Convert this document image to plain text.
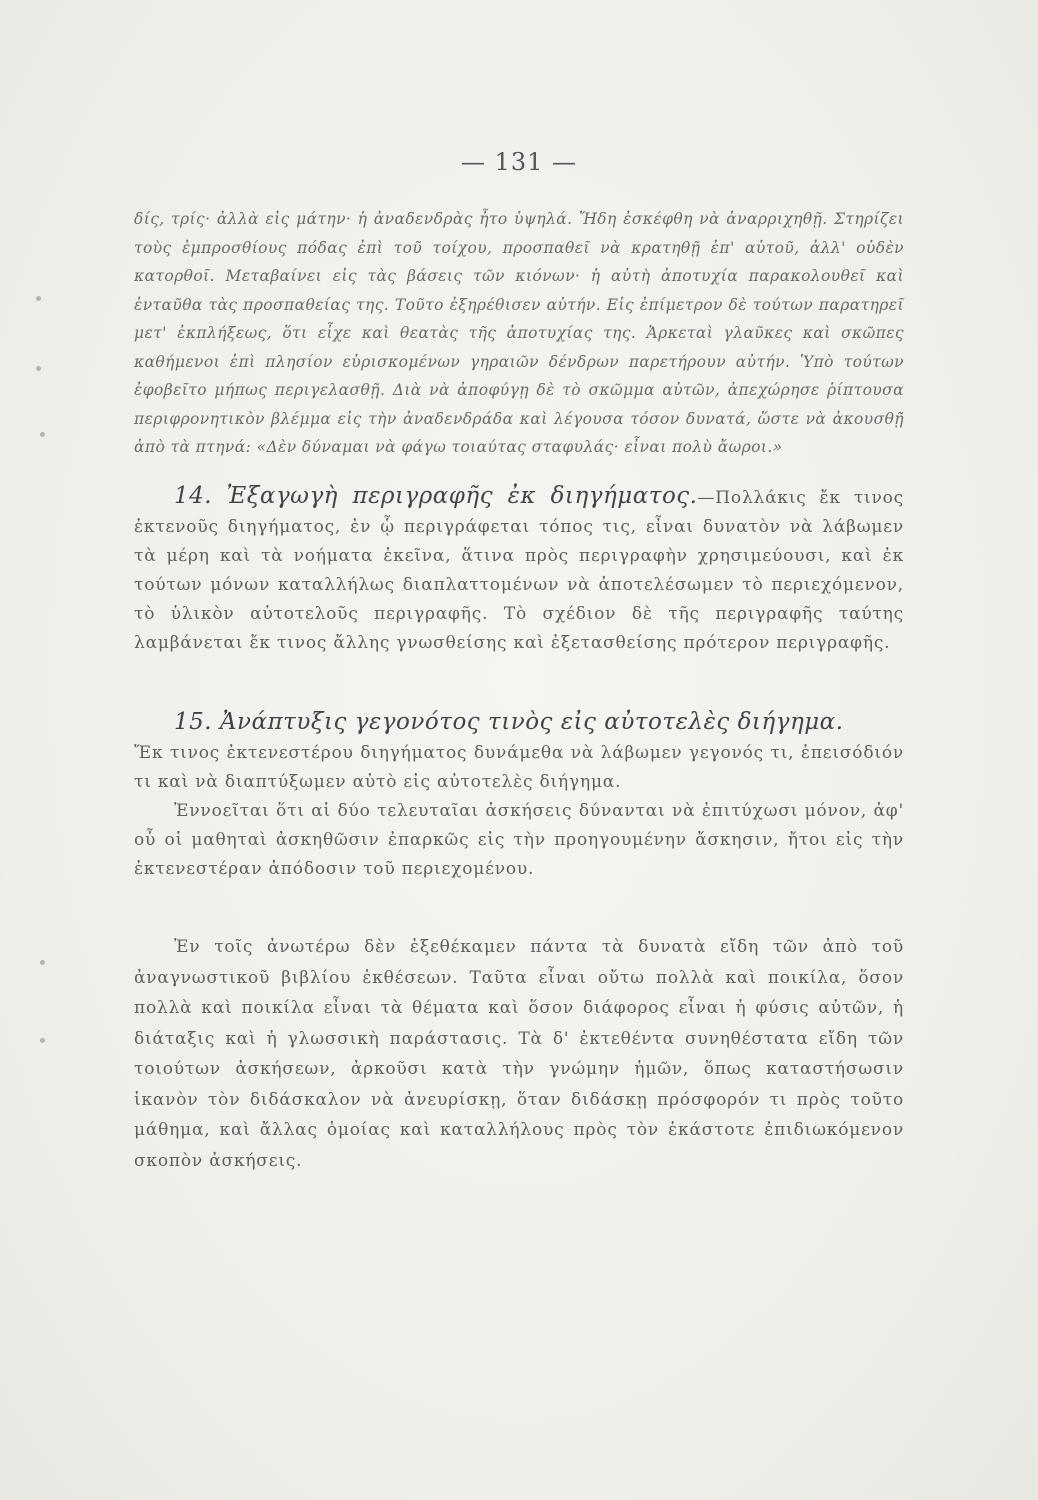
— 131 —

δίς, τρίς· ἀλλὰ εἰς μάτην· ἡ ἀναδενδρὰς ἦτο ὑψηλά. Ἤδη ἐσκέφθη νὰ ἀναρριχηθῇ. Στηρίζει τοὺς ἐμπροσθίους πόδας ἐπὶ τοῦ τοίχου, προσπαθεῖ νὰ κρατηθῇ ἐπ' αὐτοῦ, ἀλλ' οὐδὲν κατορθοῖ. Μεταβαίνει εἰς τὰς βάσεις τῶν κιόνων· ἡ αὐτὴ ἀποτυχία παρακολουθεῖ καὶ ἐνταῦθα τὰς προσπαθείας της. Τοῦτο ἐξηρέθισεν αὐτήν. Εἰς ἐπίμετρον δὲ τούτων παρατηρεῖ μετ' ἐκπλήξεως, ὅτι εἶχε καὶ θεατὰς τῆς ἀποτυχίας της. Ἀρκεταὶ γλαῦκες καὶ σκῶπες καθήμενοι ἐπὶ πλησίον εὑρισκομένων γηραιῶν δένδρων παρετήρουν αὐτήν. Ὑπὸ τούτων ἐφοβεῖτο μήπως περιγελασθῇ. Διὰ νὰ ἀποφύγῃ δὲ τὸ σκῶμμα αὐτῶν, ἀπεχώρησε ῥίπτουσα περιφρονητικὸν βλέμμα εἰς τὴν ἀναδενδράδα καὶ λέγουσα τόσον δυνατά, ὥστε νὰ ἀκουσθῇ ἀπὸ τὰ πτηνά: «Δὲν δύναμαι νὰ φάγω τοιαύτας σταφυλάς· εἶναι πολὺ ἄωροι.»

14. Ἐξαγωγὴ περιγραφῆς ἐκ διηγήματος.—Πολλάκις ἔκ τινος ἐκτενοῦς διηγήματος, ἐν ᾧ περιγράφεται τόπος τις, εἶναι δυνατὸν νὰ λάβωμεν τὰ μέρη καὶ τὰ νοήματα ἐκεῖνα, ἅτινα πρὸς περιγραφὴν χρησιμεύουσι, καὶ ἐκ τούτων μόνων καταλλήλως διαπλαττομένων νὰ ἀποτελέσωμεν τὸ περιεχόμενον, τὸ ὑλικὸν αὐτοτελοῦς περιγραφῆς. Τὸ σχέδιον δὲ τῆς περιγραφῆς ταύτης λαμβάνεται ἔκ τινος ἄλλης γνωσθείσης καὶ ἐξετασθείσης πρότερον περιγραφῆς.

15. Ἀνάπτυξις γεγονότος τινὸς εἰς αὐτοτελὲς διήγημα.
Ἔκ τινος ἐκτενεστέρου διηγήματος δυνάμεθα νὰ λάβωμεν γεγονός τι, ἐπεισόδιόν τι καὶ νὰ διαπτύξωμεν αὐτὸ εἰς αὐτοτελὲς διήγημα.
Ἐννοεῖται ὅτι αἱ δύο τελευταῖαι ἀσκήσεις δύνανται νὰ ἐπιτύχωσι μόνον, ἀφ' οὗ οἱ μαθηταὶ ἀσκηθῶσιν ἐπαρκῶς εἰς τὴν προηγουμένην ἄσκησιν, ἤτοι εἰς τὴν ἐκτενεστέραν ἀπόδοσιν τοῦ περιεχομένου.

Ἐν τοῖς ἀνωτέρω δὲν ἐξεθέκαμεν πάντα τὰ δυνατὰ εἴδη τῶν ἀπὸ τοῦ ἀναγνωστικοῦ βιβλίου ἐκθέσεων. Ταῦτα εἶναι οὔτω πολλὰ καὶ ποικίλα, ὅσον πολλὰ καὶ ποικίλα εἶναι τὰ θέματα καὶ ὅσον διάφορος εἶναι ἡ φύσις αὐτῶν, ἡ διάταξις καὶ ἡ γλωσσικὴ παράστασις. Τὰ δ' ἐκτεθέντα συνηθέστατα εἴδη τῶν τοιούτων ἀσκήσεων, ἀρκοῦσι κατὰ τὴν γνώμην ἡμῶν, ὅπως καταστήσωσιν ἱκανὸν τὸν διδάσκαλον νὰ ἀνευρίσκῃ, ὅταν διδάσκῃ πρόσφορόν τι πρὸς τοῦτο μάθημα, καὶ ἄλλας ὁμοίας καὶ καταλλήλους πρὸς τὸν ἑκάστοτε ἐπιδιωκόμενον σκοπὸν ἀσκήσεις.
